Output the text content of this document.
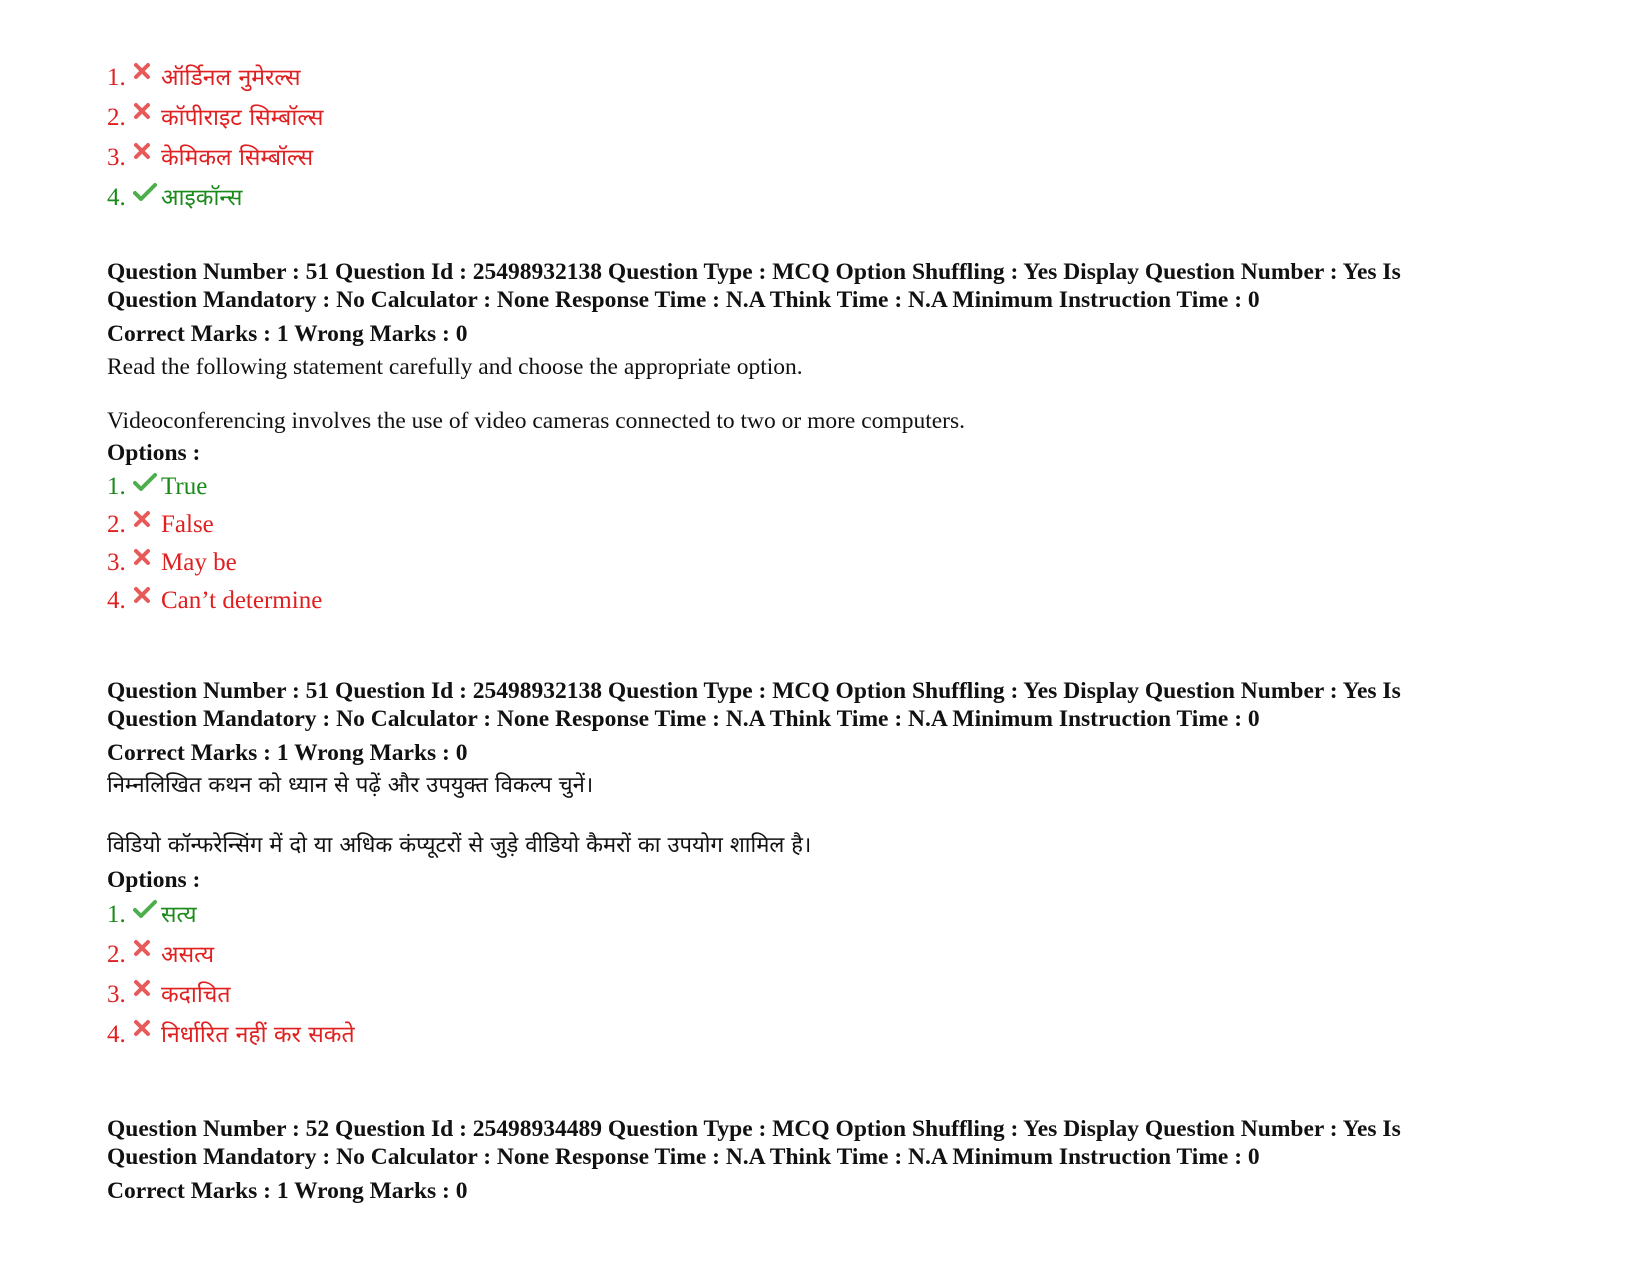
1.	ऑर्डिनल नुमेरल्स
2.	कॉपीराइट सिम्बॉल्स
3.	केमिकल सिम्बॉल्स
4.	आइकॉन्स
Question Number : 51 Question Id : 25498932138 Question Type : MCQ Option Shuffling : Yes Display Question Number : Yes Is
Question Mandatory : No Calculator : None Response Time : N.A Think Time : N.A Minimum Instruction Time : 0
Correct Marks : 1 Wrong Marks : 0
Read the following statement carefully and choose the appropriate option.
Videoconferencing involves the use of video cameras connected to two or more computers.
Options :
1. True
2. False
3. May be
4. Can’t determine
Question Number : 51 Question Id : 25498932138 Question Type : MCQ Option Shuffling : Yes Display Question Number : Yes Is
Question Mandatory : No Calculator : None Response Time : N.A Think Time : N.A Minimum Instruction Time : 0
Correct Marks : 1 Wrong Marks : 0
निम्नलिखित कथन को ध्यान से पढ़ें और उपयुक्त विकल्प चुनें।
विडियो कॉन्फरेन्सिंग में दो या अधिक कंप्यूटरों से जुड़े वीडियो कैमरों का उपयोग शामिल है।
Options :
1.	सत्य
2.	असत्य
3.	कदाचित
4.	निर्धारित नहीं कर सकते
Question Number : 52 Question Id : 25498934489 Question Type : MCQ Option Shuffling : Yes Display Question Number : Yes Is
Question Mandatory : No Calculator : None Response Time : N.A Think Time : N.A Minimum Instruction Time : 0
Correct Marks : 1 Wrong Marks : 0
